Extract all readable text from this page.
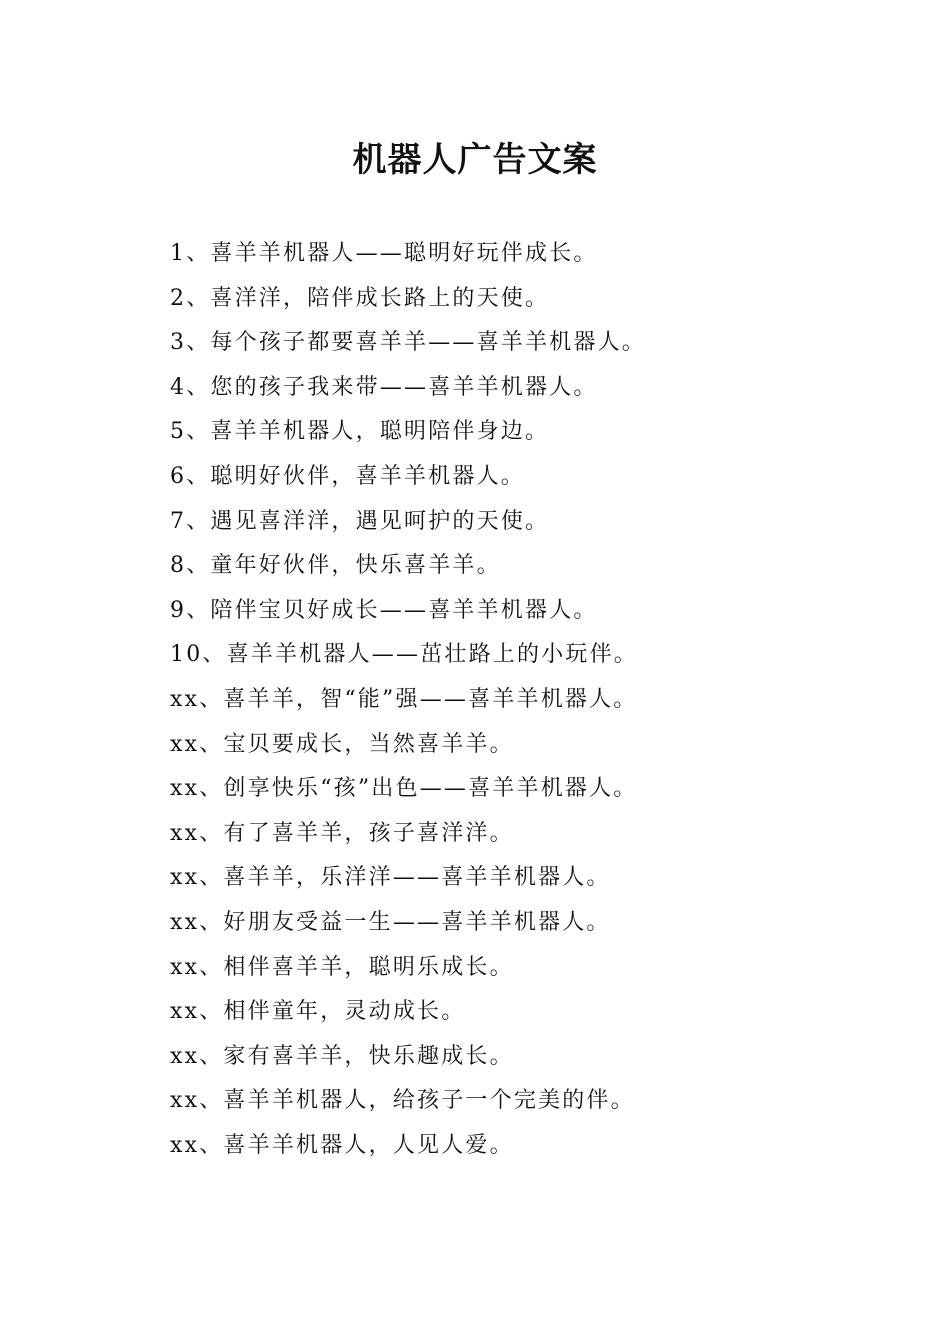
机器人广告文案
1、喜羊羊机器人——聪明好玩伴成长。
2、喜洋洋，陪伴成长路上的天使。
3、每个孩子都要喜羊羊——喜羊羊机器人。
4、您的孩子我来带——喜羊羊机器人。
5、喜羊羊机器人，聪明陪伴身边。
6、聪明好伙伴，喜羊羊机器人。
7、遇见喜洋洋，遇见呵护的天使。
8、童年好伙伴，快乐喜羊羊。
9、陪伴宝贝好成长——喜羊羊机器人。
10、喜羊羊机器人——茁壮路上的小玩伴。
xx、喜羊羊，智“能”强——喜羊羊机器人。
xx、宝贝要成长，当然喜羊羊。
xx、创享快乐“孩”出色——喜羊羊机器人。
xx、有了喜羊羊，孩子喜洋洋。
xx、喜羊羊，乐洋洋——喜羊羊机器人。
xx、好朋友受益一生——喜羊羊机器人。
xx、相伴喜羊羊，聪明乐成长。
xx、相伴童年，灵动成长。
xx、家有喜羊羊，快乐趣成长。
xx、喜羊羊机器人，给孩子一个完美的伴。
xx、喜羊羊机器人，人见人爱。
